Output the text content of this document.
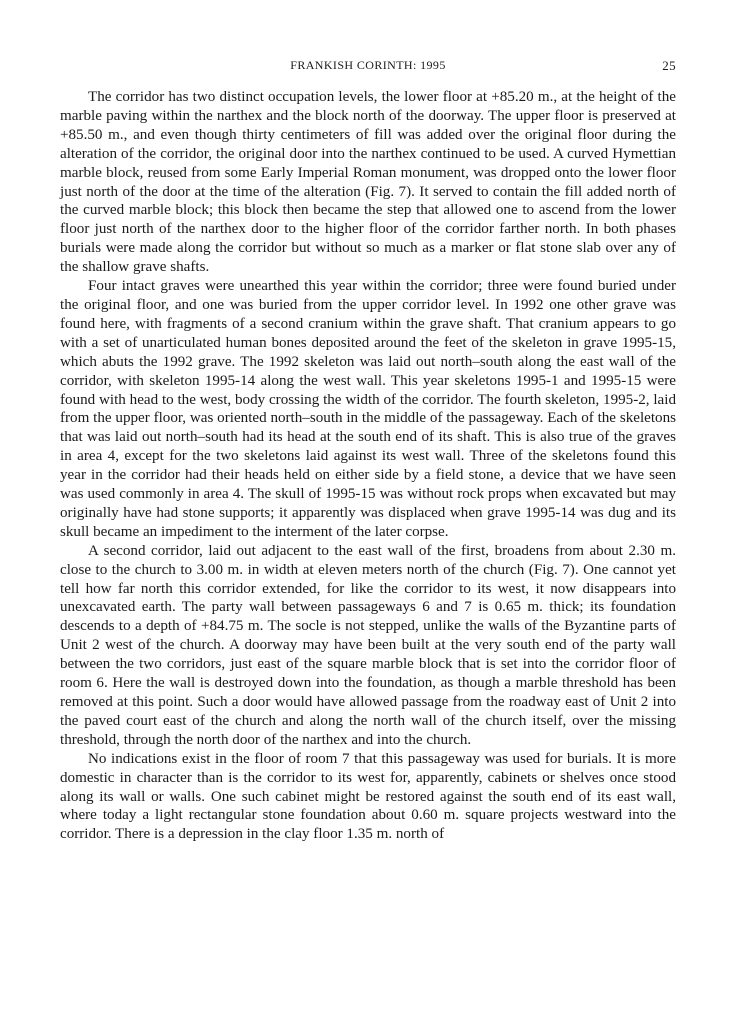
FRANKISH CORINTH: 1995	25

The corridor has two distinct occupation levels, the lower floor at +85.20 m., at the height of the marble paving within the narthex and the block north of the doorway. The upper floor is preserved at +85.50 m., and even though thirty centimeters of fill was added over the original floor during the alteration of the corridor, the original door into the narthex continued to be used. A curved Hymettian marble block, reused from some Early Imperial Roman monument, was dropped onto the lower floor just north of the door at the time of the alteration (Fig. 7). It served to contain the fill added north of the curved marble block; this block then became the step that allowed one to ascend from the lower floor just north of the narthex door to the higher floor of the corridor farther north. In both phases burials were made along the corridor but without so much as a marker or flat stone slab over any of the shallow grave shafts.

Four intact graves were unearthed this year within the corridor; three were found buried under the original floor, and one was buried from the upper corridor level. In 1992 one other grave was found here, with fragments of a second cranium within the grave shaft. That cranium appears to go with a set of unarticulated human bones deposited around the feet of the skeleton in grave 1995-15, which abuts the 1992 grave. The 1992 skeleton was laid out north–south along the east wall of the corridor, with skeleton 1995-14 along the west wall. This year skeletons 1995-1 and 1995-15 were found with head to the west, body crossing the width of the corridor. The fourth skeleton, 1995-2, laid from the upper floor, was oriented north–south in the middle of the passageway. Each of the skeletons that was laid out north–south had its head at the south end of its shaft. This is also true of the graves in area 4, except for the two skeletons laid against its west wall. Three of the skeletons found this year in the corridor had their heads held on either side by a field stone, a device that we have seen was used commonly in area 4. The skull of 1995-15 was without rock props when excavated but may originally have had stone supports; it apparently was displaced when grave 1995-14 was dug and its skull became an impediment to the interment of the later corpse.

A second corridor, laid out adjacent to the east wall of the first, broadens from about 2.30 m. close to the church to 3.00 m. in width at eleven meters north of the church (Fig. 7). One cannot yet tell how far north this corridor extended, for like the corridor to its west, it now disappears into unexcavated earth. The party wall between passageways 6 and 7 is 0.65 m. thick; its foundation descends to a depth of +84.75 m. The socle is not stepped, unlike the walls of the Byzantine parts of Unit 2 west of the church. A doorway may have been built at the very south end of the party wall between the two corridors, just east of the square marble block that is set into the corridor floor of room 6. Here the wall is destroyed down into the foundation, as though a marble threshold has been removed at this point. Such a door would have allowed passage from the roadway east of Unit 2 into the paved court east of the church and along the north wall of the church itself, over the missing threshold, through the north door of the narthex and into the church.

No indications exist in the floor of room 7 that this passageway was used for burials. It is more domestic in character than is the corridor to its west for, apparently, cabinets or shelves once stood along its wall or walls. One such cabinet might be restored against the south end of its east wall, where today a light rectangular stone foundation about 0.60 m. square projects westward into the corridor. There is a depression in the clay floor 1.35 m. north of
